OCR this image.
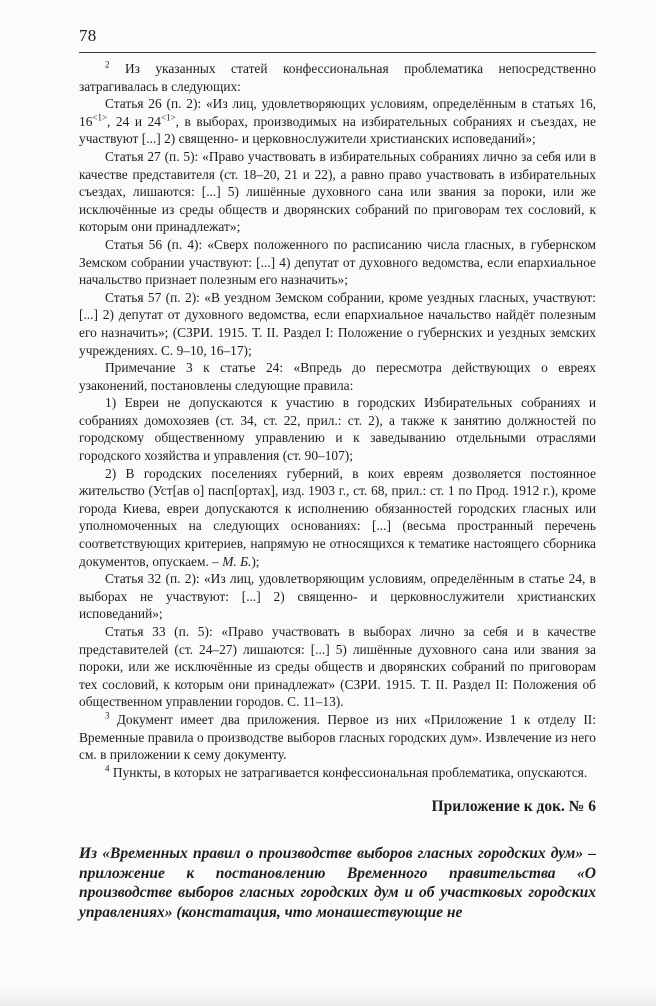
78

$^2$ Из указанных статей конфессиональная проблематика непосредственно затрагивалась в следующих:

Статья 26 (п. 2): «Из лиц, удовлетворяющих условиям, определённым в статьях 16, $16^{<1>}$, 24 и $24^{<1>}$, в выборах, производимых на избирательных собраниях и съездах, не участвуют [...] 2) священно- и церковнослужители христианских исповеданий»;

Статья 27 (п. 5): «Право участвовать в избирательных собраниях лично за себя или в качестве представителя (ст. 18–20, 21 и 22), а равно право участвовать в избирательных съездах, лишаются: [...] 5) лишённые духовного сана или звания за пороки, или же исключённые из среды обществ и дворянских собраний по приговорам тех сословий, к которым они принадлежат»;

Статья 56 (п. 4): «Сверх положенного по расписанию числа гласных, в губернском Земском собрании участвуют: [...] 4) депутат от духовного ведомства, если епархиальное начальство признает полезным его назначить»;

Статья 57 (п. 2): «В уездном Земском собрании, кроме уездных гласных, участвуют: [...] 2) депутат от духовного ведомства, если епархиальное начальство найдёт полезным его назначить»; (СЗРИ. 1915. Т. II. Раздел I: Положение о губернских и уездных земских учреждениях. С. 9–10, 16–17);

Примечание 3 к статье 24: «Впредь до пересмотра действующих о евреях узаконений, постановлены следующие правила:

1) Евреи не допускаются к участию в городских Избирательных собраниях и собраниях домохозяев (ст. 34, ст. 22, прил.: ст. 2), а также к занятию должностей по городскому общественному управлению и к заведыванию отдельными отраслями городского хозяйства и управления (ст. 90–107);

2) В городских поселениях губерний, в коих евреям дозволяется постоянное жительство (Уст[ав о] пасп[ортах], изд. 1903 г., ст. 68, прил.: ст. 1 по Прод. 1912 г.), кроме города Киева, евреи допускаются к исполнению обязанностей городских гласных или уполномоченных на следующих основаниях: [...] (весьма пространный перечень соответствующих критериев, напрямую не относящихся к тематике настоящего сборника документов, опускаем. – М. Б.);

Статья 32 (п. 2): «Из лиц, удовлетворяющим условиям, определённым в статье 24, в выборах не участвуют: [...] 2) священно- и церковнослужители христианских исповеданий»;

Статья 33 (п. 5): «Право участвовать в выборах лично за себя и в качестве представителей (ст. 24–27) лишаются: [...] 5) лишённые духовного сана или звания за пороки, или же исключённые из среды обществ и дворянских собраний по приговорам тех сословий, к которым они принадлежат» (СЗРИ. 1915. Т. II. Раздел II: Положения об общественном управлении городов. С. 11–13).

$^3$ Документ имеет два приложения. Первое из них «Приложение 1 к отделу II: Временные правила о производстве выборов гласных городских дум». Извлечение из него см. в приложении к сему документу.

$^4$ Пункты, в которых не затрагивается конфессиональная проблематика, опускаются.

Приложение к док. № 6

Из «Временных правил о производстве выборов гласных городских дум» – приложение к постановлению Временного правительства «О производстве выборов гласных городских дум и об участковых городских управлениях» (констатация, что монашествующие не
